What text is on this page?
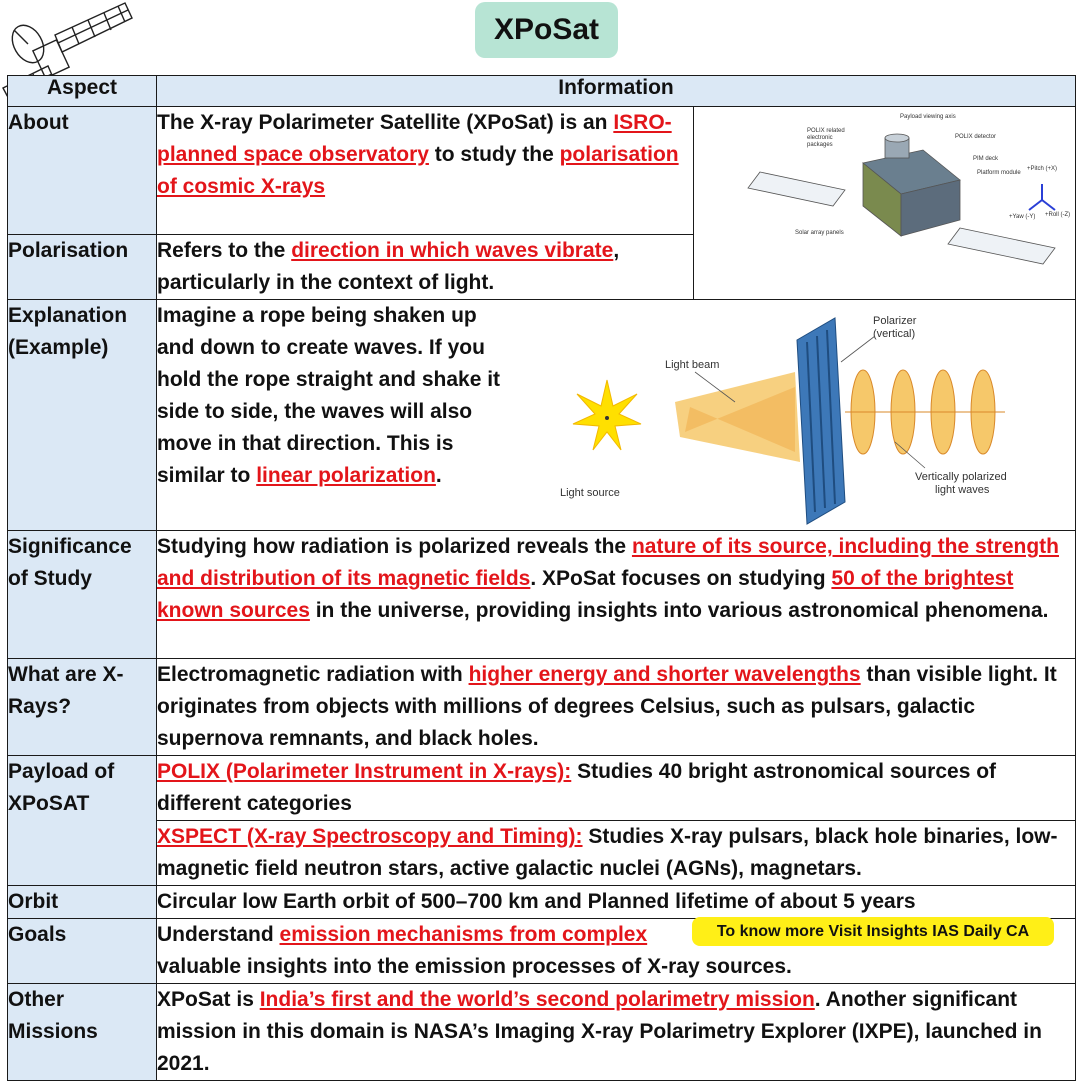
XPoSat
Aspect	Information	
About	The X-ray Polarimeter Satellite (XPoSat) is an ISRO-planned space observatory to study the polarisation of cosmic X-rays	
Polarisation	Refers to the direction in which waves vibrate, particularly in the context of light.	
Explanation (Example)	Imagine a rope being shaken up and down to create waves. If you hold the rope straight and shake it side to side, the waves will also move in that direction. This is similar to linear polarization.	

Significance of Study	Studying how radiation is polarized reveals the nature of its source, including the strength and distribution of its magnetic fields. XPoSat focuses on studying 50 of the brightest known sources in the universe, providing insights into various astronomical phenomena.	
What are X-Rays?	Electromagnetic radiation with higher energy and shorter wavelengths than visible light. It originates from objects with millions of degrees Celsius, such as pulsars, galactic supernova remnants, and black holes.	
Payload of XPoSAT	POLIX (Polarimeter Instrument in X-rays): Studies 40 bright astronomical sources of different categories	
	XSPECT (X-ray Spectroscopy and Timing): Studies X-ray pulsars, black hole binaries, low-magnetic field neutron stars, active galactic nuclei (AGNs), magnetars.	
Orbit	Circular low Earth orbit of 500–700 km and Planned lifetime of about 5 years	
Goals	Understand emission mechanisms from complex
valuable insights into the emission processes of X-ray sources.	
Other Missions	XPoSat is India’s first and the world’s second polarimetry mission. Another significant mission in this domain is NASA’s Imaging X-ray Polarimetry Explorer (IXPE), launched in 2021.	
Payload viewing axis
POLIX related electronic packages
POLIX detector
PIM deck
Platform module
Solar array panels
+Pitch (+X)
+Yaw (-Y) +Roll (-Z)
Polarizer (vertical)
Light beam
Light source
Vertically polarized light waves
To know more Visit Insights IAS Daily CA
